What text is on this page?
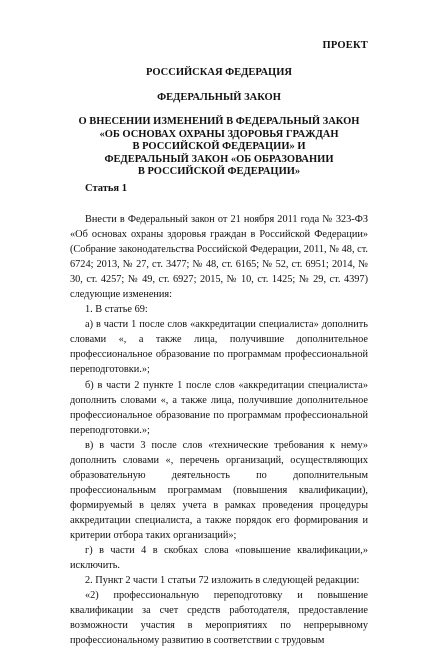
ПРОЕКТ

РОССИЙСКАЯ ФЕДЕРАЦИЯ

ФЕДЕРАЛЬНЫЙ ЗАКОН

О ВНЕСЕНИИ ИЗМЕНЕНИЙ В ФЕДЕРАЛЬНЫЙ ЗАКОН
«ОБ ОСНОВАХ ОХРАНЫ ЗДОРОВЬЯ ГРАЖДАН
В РОССИЙСКОЙ ФЕДЕРАЦИИ» И
ФЕДЕРАЛЬНЫЙ ЗАКОН «ОБ ОБРАЗОВАНИИ
В РОССИЙСКОЙ ФЕДЕРАЦИИ»
Статья 1

Внести в Федеральный закон от 21 ноября 2011 года № 323-ФЗ «Об основах охраны здоровья граждан в Российской Федерации» (Собрание законодательства Российской Федерации, 2011, № 48, ст. 6724; 2013, № 27, ст. 3477; № 48, ст. 6165; № 52, ст. 6951; 2014, № 30, ст. 4257; № 49, ст. 6927; 2015, № 10, ст. 1425; № 29, ст. 4397) следующие изменения:

1. В статье 69:

а) в части 1 после слов «аккредитации специалиста» дополнить словами «, а также лица, получившие дополнительное профессиональное образование по программам профессиональной переподготовки.»;

б) в части 2 пункте 1 после слов «аккредитации специалиста» дополнить словами «, а также лица, получившие дополнительное профессиональное образование по программам профессиональной переподготовки.»;

в) в части 3 после слов «технические требования к нему» дополнить словами «, перечень организаций, осуществляющих образовательную деятельность по дополнительным профессиональным программам (повышения квалификации), формируемый в целях учета в рамках проведения процедуры аккредитации специалиста, а также порядок его формирования и критерии отбора таких организаций»;

г) в части 4 в скобках слова «повышение квалификации,» исключить.

2. Пункт 2 части 1 статьи 72 изложить в следующей редакции:

«2) профессиональную переподготовку и повышение квалификации за счет средств работодателя, предоставление возможности участия в мероприятиях по непрерывному профессиональному развитию в соответствии с трудовым
